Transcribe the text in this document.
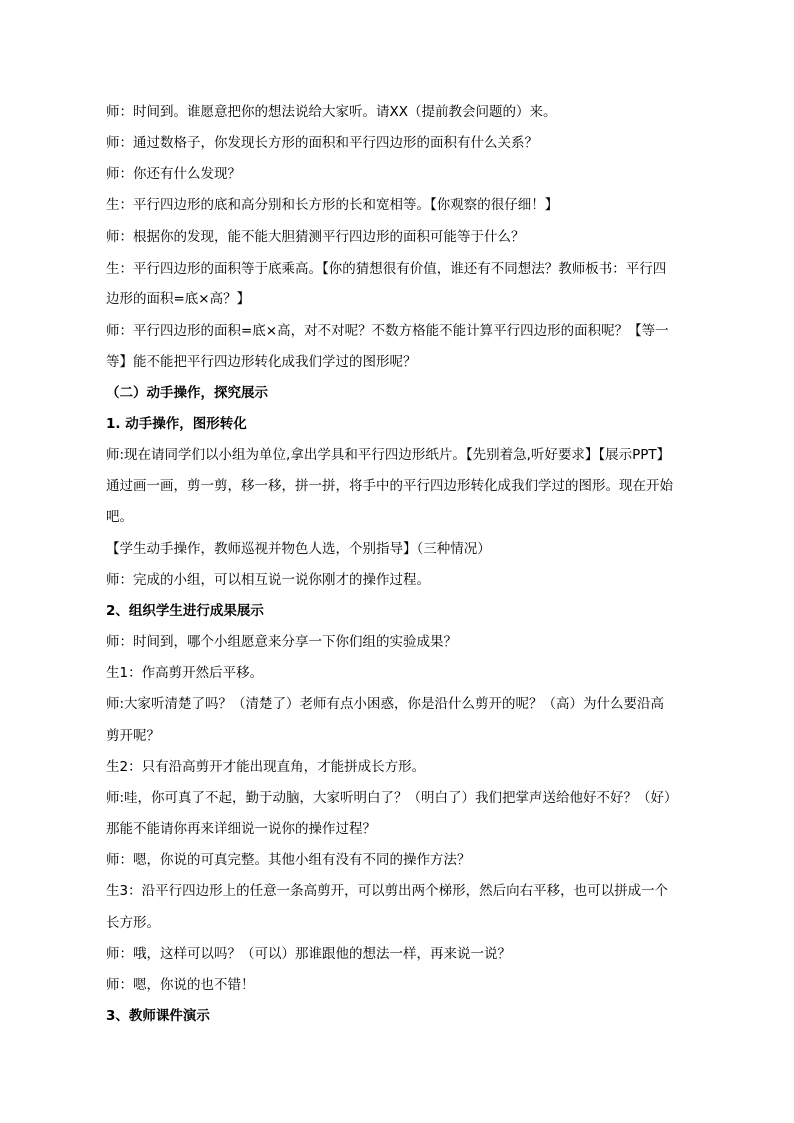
师：时间到。谁愿意把你的想法说给大家听。请XX（提前教会问题的）来。
师：通过数格子，你发现长方形的面积和平行四边形的面积有什么关系？
师：你还有什么发现？
生：平行四边形的底和高分别和长方形的长和宽相等。【你观察的很仔细！】
师：根据你的发现，能不能大胆猜测平行四边形的面积可能等于什么？
生：平行四边形的面积等于底乘高。【你的猜想很有价值，谁还有不同想法？教师板书：平行四
边形的面积=底×高？】
师：平行四边形的面积=底×高，对不对呢？不数方格能不能计算平行四边形的面积呢？【等一
等】能不能把平行四边形转化成我们学过的图形呢？
（二）动手操作，探究展示
1. 动手操作，图形转化
师:现在请同学们以小组为单位,拿出学具和平行四边形纸片。【先别着急,听好要求】【展示PPT】
通过画一画，剪一剪，移一移，拼一拼，将手中的平行四边形转化成我们学过的图形。现在开始
吧。
【学生动手操作，教师巡视并物色人选，个别指导】（三种情况）
师：完成的小组，可以相互说一说你刚才的操作过程。
2、组织学生进行成果展示
师：时间到，哪个小组愿意来分享一下你们组的实验成果？
生1：作高剪开然后平移。
师:大家听清楚了吗？（清楚了）老师有点小困惑，你是沿什么剪开的呢？（高）为什么要沿高
剪开呢？
生2：只有沿高剪开才能出现直角，才能拼成长方形。
师:哇，你可真了不起，勤于动脑，大家听明白了？（明白了）我们把掌声送给他好不好？（好）
那能不能请你再来详细说一说你的操作过程？
师：嗯，你说的可真完整。其他小组有没有不同的操作方法？
生3：沿平行四边形上的任意一条高剪开，可以剪出两个梯形，然后向右平移，也可以拼成一个
长方形。
师：哦，这样可以吗？（可以）那谁跟他的想法一样，再来说一说？
师：嗯，你说的也不错！
3、教师课件演示
